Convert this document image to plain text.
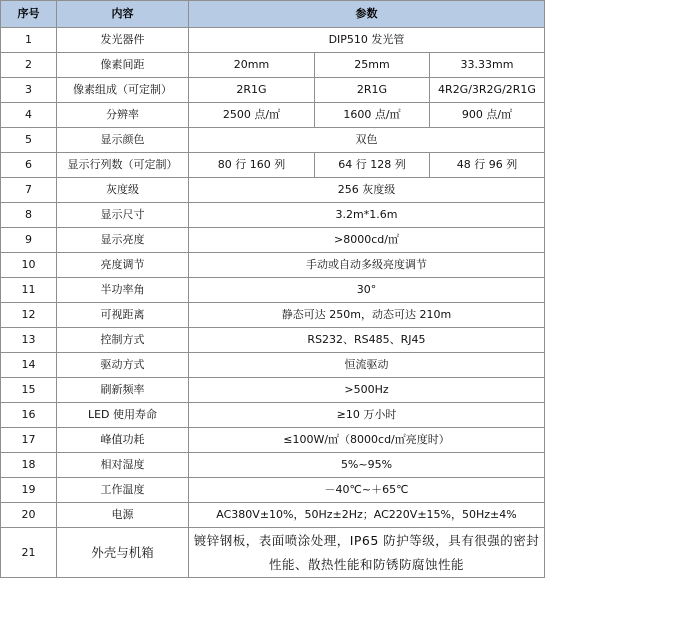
序号	内容	参数		
1	发光器件	DIP510 发光管		
2	像素间距	20mm	25mm	33.33mm
3	像素组成（可定制）	2R1G	2R1G	4R2G/3R2G/2R1G
4	分辨率	2500 点/㎡	1600 点/㎡	900 点/㎡
5	显示颜色	双色		
6	显示行列数（可定制）	80 行 160 列	64 行 128 列	48 行 96 列
7	灰度级	256 灰度级		
8	显示尺寸	3.2m*1.6m		
9	显示亮度	>8000cd/㎡		
10	亮度调节	手动或自动多级亮度调节		
11	半功率角	30°		
12	可视距离	静态可达 250m，动态可达 210m		
13	控制方式	RS232、RS485、RJ45		
14	驱动方式	恒流驱动		
15	刷新频率	>500Hz		
16	LED 使用寿命	≥10 万小时		
17	峰值功耗	≤100W/㎡（8000cd/㎡亮度时）		
18	相对湿度	5%~95%		
19	工作温度	－40℃~＋65℃		
20	电源	AC380V±10%，50Hz±2Hz；AC220V±15%，50Hz±4%		
21	外壳与机箱	镀锌钢板，表面喷涂处理，IP65 防护等级，具有很强的密封性能、散热性能和防锈防腐蚀性能		
